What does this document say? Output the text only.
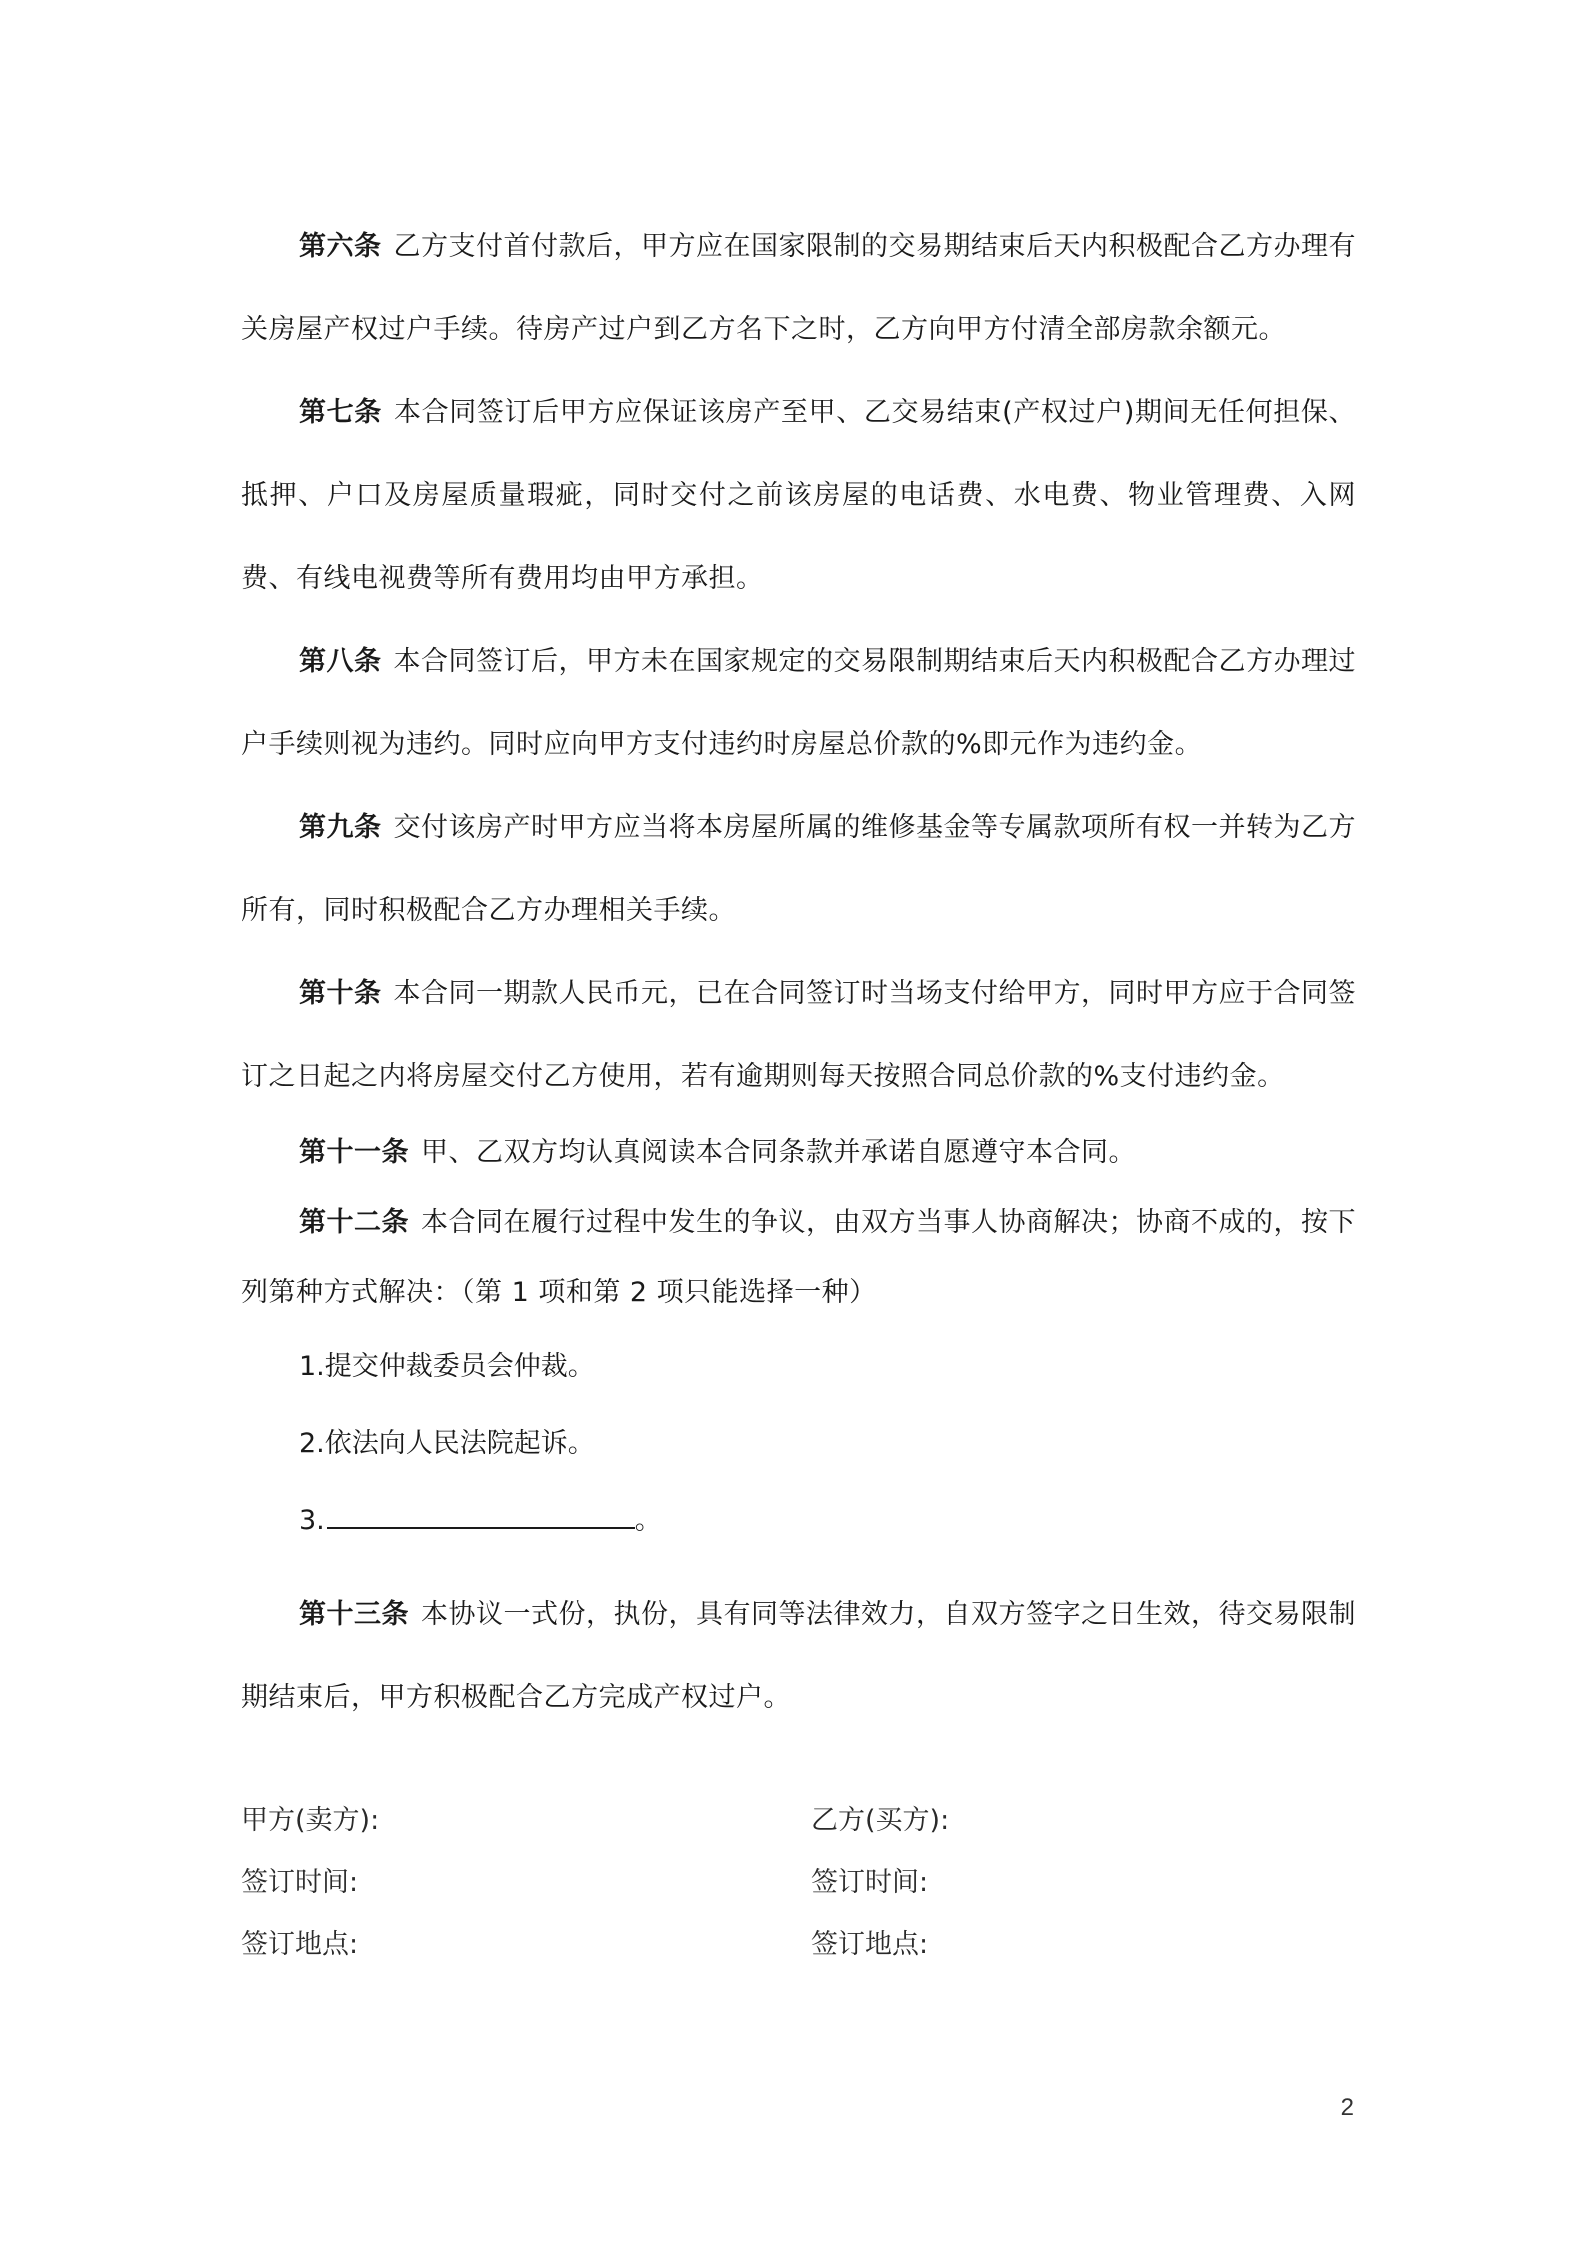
第六条 乙方支付首付款后，甲方应在国家限制的交易期结束后天内积极配合乙方办理有关房屋产权过户手续。待房产过户到乙方名下之时，乙方向甲方付清全部房款余额元。

第七条 本合同签订后甲方应保证该房产至甲、乙交易结束(产权过户)期间无任何担保、抵押、户口及房屋质量瑕疵，同时交付之前该房屋的电话费、水电费、物业管理费、入网费、有线电视费等所有费用均由甲方承担。

第八条 本合同签订后，甲方未在国家规定的交易限制期结束后天内积极配合乙方办理过户手续则视为违约。同时应向甲方支付违约时房屋总价款的%即元作为违约金。

第九条 交付该房产时甲方应当将本房屋所属的维修基金等专属款项所有权一并转为乙方所有，同时积极配合乙方办理相关手续。

第十条 本合同一期款人民币元，已在合同签订时当场支付给甲方，同时甲方应于合同签订之日起之内将房屋交付乙方使用，若有逾期则每天按照合同总价款的%支付违约金。

第十一条 甲、乙双方均认真阅读本合同条款并承诺自愿遵守本合同。

第十二条 本合同在履行过程中发生的争议，由双方当事人协商解决；协商不成的，按下列第种方式解决：（第 1 项和第 2 项只能选择一种）

1.提交仲裁委员会仲裁。

2.依法向人民法院起诉。

3.	。

第十三条 本协议一式份，执份，具有同等法律效力，自双方签字之日生效，待交易限制期结束后，甲方积极配合乙方完成产权过户。

甲方(卖方):	乙方(买方):
签订时间:	签订时间:
签订地点:	签订地点:
2
